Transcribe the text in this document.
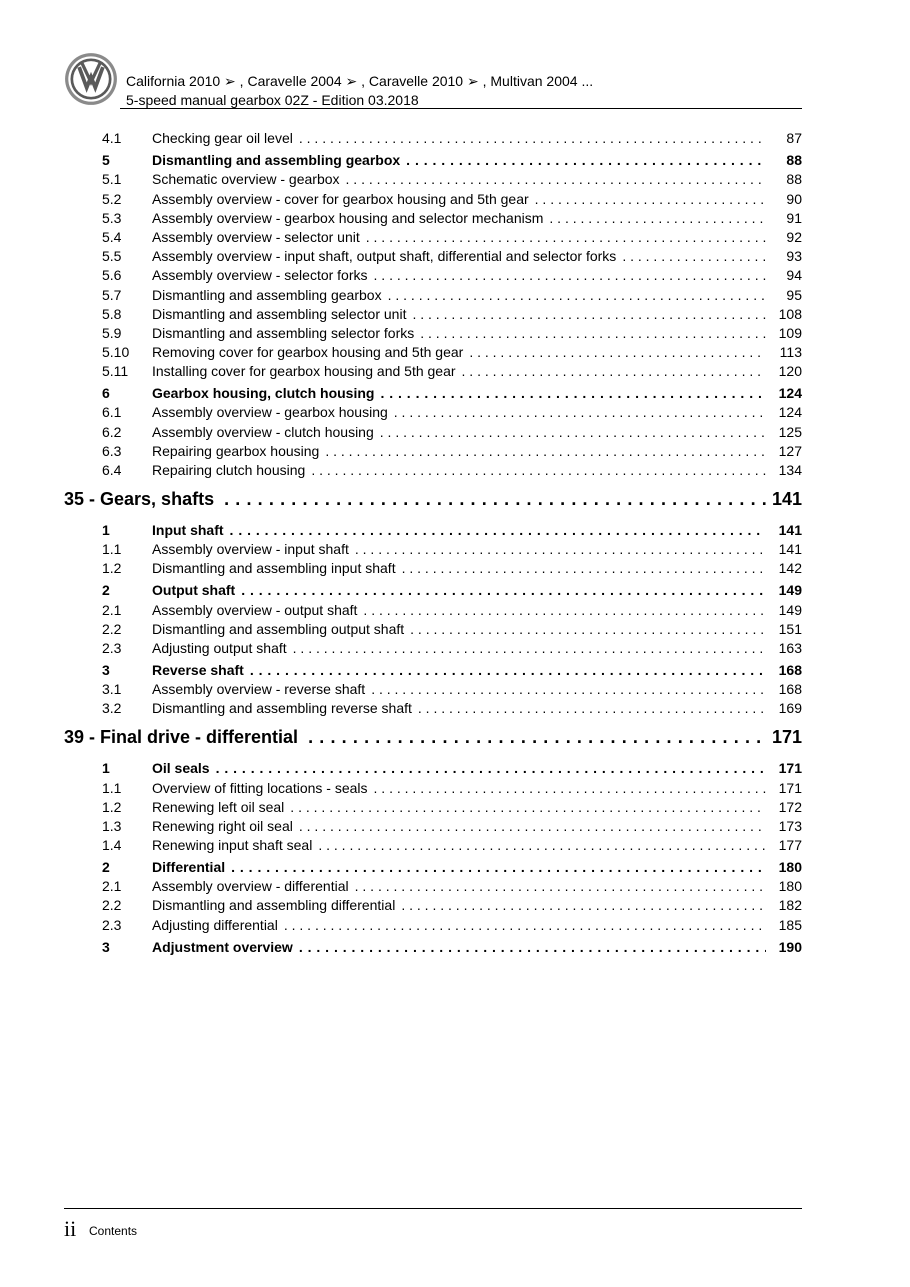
California 2010 ➢ , Caravelle 2004 ➢ , Caravelle 2010 ➢ , Multivan 2004 ...
5-speed manual gearbox 02Z - Edition 03.2018
4.1	Checking gear oil level . . .	87
5	Dismantling and assembling gearbox . . .	88
5.1	Schematic overview - gearbox . . .	88
5.2	Assembly overview - cover for gearbox housing and 5th gear . . .	90
5.3	Assembly overview - gearbox housing and selector mechanism . . .	91
5.4	Assembly overview - selector unit . . .	92
5.5	Assembly overview - input shaft, output shaft, differential and selector forks . . .	93
5.6	Assembly overview - selector forks . . .	94
5.7	Dismantling and assembling gearbox . . .	95
5.8	Dismantling and assembling selector unit . . .	108
5.9	Dismantling and assembling selector forks . . .	109
5.10	Removing cover for gearbox housing and 5th gear . . .	113
5.11	Installing cover for gearbox housing and 5th gear . . .	120
6	Gearbox housing, clutch housing . . .	124
6.1	Assembly overview - gearbox housing . . .	124
6.2	Assembly overview - clutch housing . . .	125
6.3	Repairing gearbox housing . . .	127
6.4	Repairing clutch housing . . .	134
35 - Gears, shafts . . .	141
1	Input shaft . . .	141
1.1	Assembly overview - input shaft . . .	141
1.2	Dismantling and assembling input shaft . . .	142
2	Output shaft . . .	149
2.1	Assembly overview - output shaft . . .	149
2.2	Dismantling and assembling output shaft . . .	151
2.3	Adjusting output shaft . . .	163
3	Reverse shaft . . .	168
3.1	Assembly overview - reverse shaft . . .	168
3.2	Dismantling and assembling reverse shaft . . .	169
39 - Final drive - differential . . .	171
1	Oil seals . . .	171
1.1	Overview of fitting locations - seals . . .	171
1.2	Renewing left oil seal . . .	172
1.3	Renewing right oil seal . . .	173
1.4	Renewing input shaft seal . . .	177
2	Differential . . .	180
2.1	Assembly overview - differential . . .	180
2.2	Dismantling and assembling differential . . .	182
2.3	Adjusting differential . . .	185
3	Adjustment overview . . .	190
ii Contents
